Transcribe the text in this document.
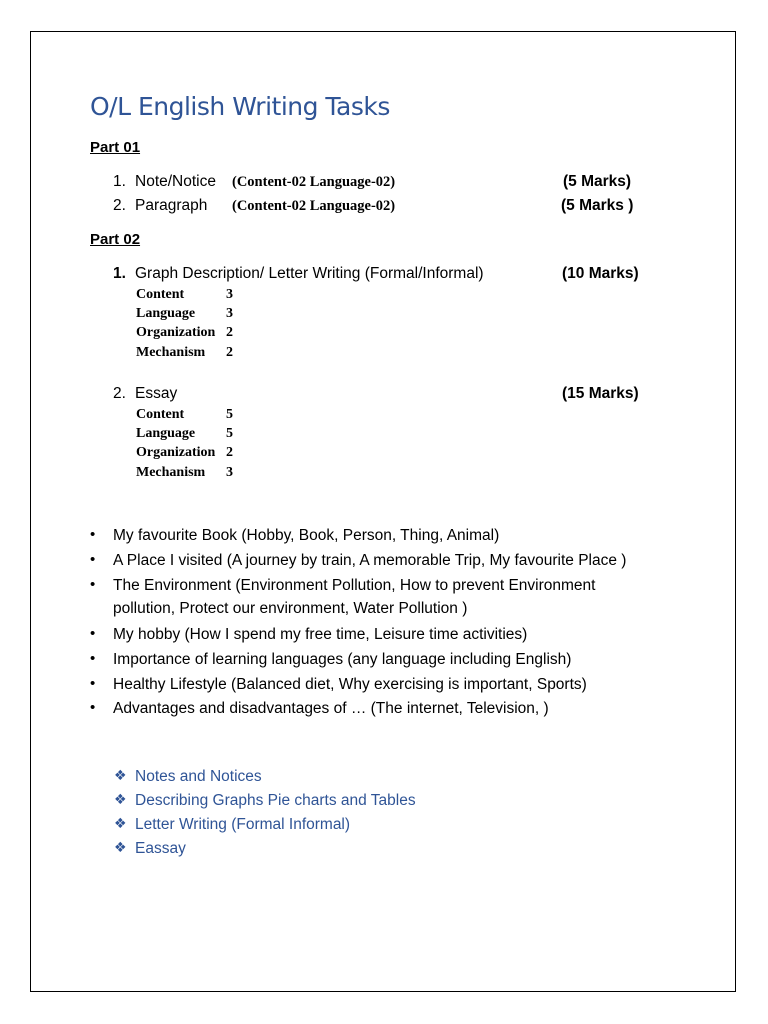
O/L English Writing Tasks
Part 01
1. Note/Notice (Content-02 Language-02)	(5 Marks)
2. Paragraph (Content-02 Language-02)	(5 Marks )
Part 02
1. Graph Description/ Letter Writing (Formal/Informal)	(10 Marks)
Content	3
Language 3
Organization 2
Mechanism 2
2. Essay	(15 Marks)
Content	5
Language 5
Organization 2
Mechanism 3
• My favourite Book (Hobby, Book, Person, Thing, Animal)
• A Place I visited (A journey by train, A memorable Trip, My favourite Place )
• The Environment (Environment Pollution, How to prevent Environment
pollution, Protect our environment, Water Pollution )
• My hobby (How I spend my free time, Leisure time activities)
• Importance of learning languages (any language including English)
• Healthy Lifestyle (Balanced diet, Why exercising is important, Sports)
• Advantages and disadvantages of … (The internet, Television, )
❖ Notes and Notices
❖ Describing Graphs Pie charts and Tables
❖ Letter Writing (Formal Informal)
❖ Eassay
